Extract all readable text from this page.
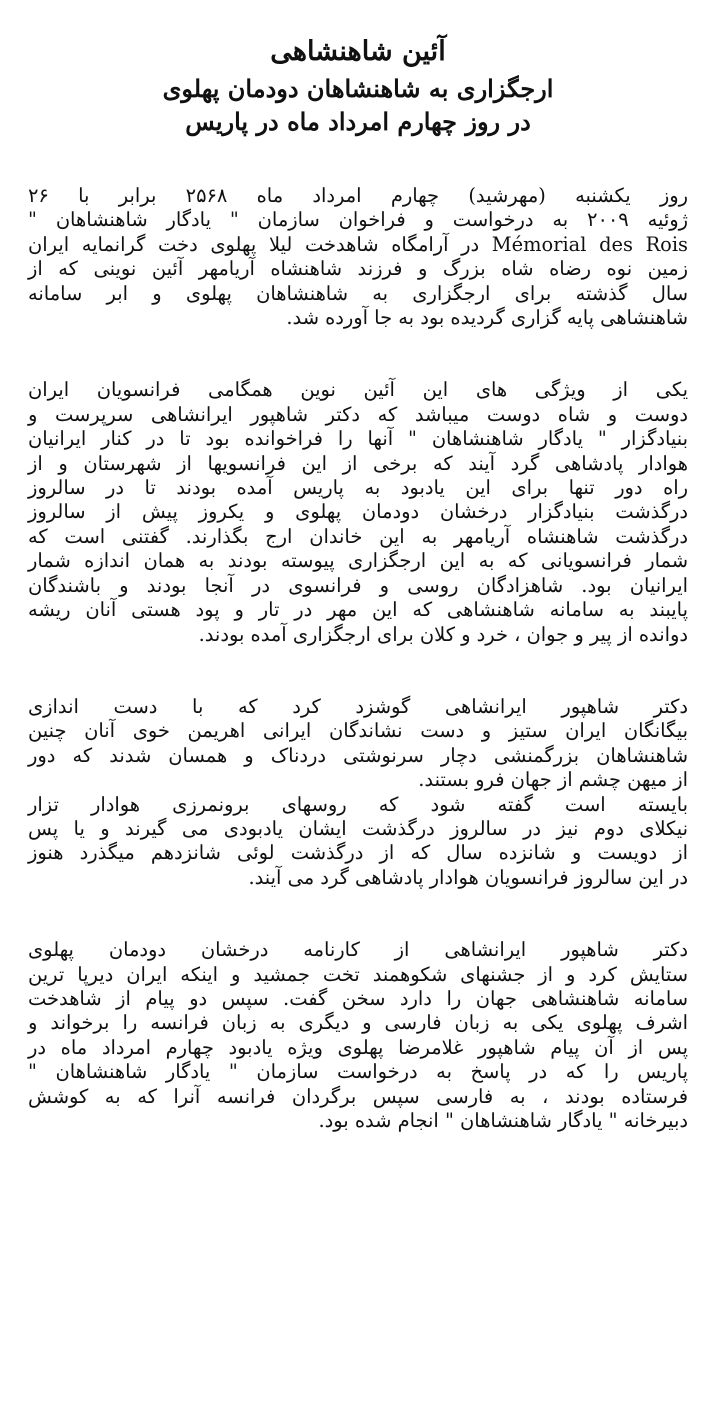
آئین شاهنشاهی
ارجگزاری به شاهنشاهان دودمان پهلوی
در روز چهارم امرداد ماه در پاریس

روز یکشنبه (مهرشید) چهارم امرداد ماه ۲۵۶۸ برابر با ۲۶
ژوئیه ۲۰۰۹ به درخواست و فراخوان سازمان " یادگار شاهنشاهان "
Mémorial des Rois در آرامگاه شاهدخت لیلا پهلوی دخت گرانمایه ایران
زمین نوه رضاه شاه بزرگ و فرزند شاهنشاه آریامهر آئین نوینی که از
سال گذشته برای ارجگزاری به شاهنشاهان پهلوی و ابر سامانه
شاهنشاهی پایه گزاری گردیده بود به جا آورده شد.

یکی از ویژگی های این آئین نوین همگامی فرانسویان ایران
دوست و شاه دوست میباشد که دکتر شاهپور ایرانشاهی سرپرست و
بنیادگزار " یادگار شاهنشاهان " آنها را فراخوانده بود تا در کنار ایرانیان
هوادار پادشاهی گرد آیند که برخی از این فرانسویها از شهرستان و از
راه دور تنها برای این یادبود به پاریس آمده بودند تا در سالروز
درگذشت بنیادگزار درخشان دودمان پهلوی و یکروز پیش از سالروز
درگذشت شاهنشاه آریامهر به این خاندان ارج بگذارند. گفتنی است که
شمار فرانسویانی که به این ارجگزاری پیوسته بودند به همان اندازه شمار
ایرانیان بود. شاهزادگان روسی و فرانسوی در آنجا بودند و باشندگان
پایبند به سامانه شاهنشاهی که این مهر در تار و پود هستی آنان ریشه
دوانده از پیر و جوان ، خرد و کلان برای ارجگزاری آمده بودند.

دکتر شاهپور ایرانشاهی گوشزد کرد که با دست اندازی
بیگانگان ایران ستیز و دست نشاندگان ایرانی اهریمن خوی آنان چنین
شاهنشاهان بزرگمنشی دچار سرنوشتی دردناک و همسان شدند که دور
از میهن چشم از جهان فرو بستند.

بایسته است گفته شود که روسهای برونمرزی هوادار تزار
نیکلای دوم نیز در سالروز درگذشت ایشان یادبودی می گیرند و یا پس
از دویست و شانزده سال که از درگذشت لوئی شانزدهم میگذرد هنوز
در این سالروز فرانسویان هوادار پادشاهی گرد می آیند.

دکتر شاهپور ایرانشاهی از کارنامه درخشان دودمان پهلوی
ستایش کرد و از جشنهای شکوهمند تخت جمشید و اینکه ایران دیرپا ترین
سامانه شاهنشاهی جهان را دارد سخن گفت. سپس دو پیام از شاهدخت
اشرف پهلوی یکی به زبان فارسی و دیگری به زبان فرانسه را برخواند و
پس از آن پیام شاهپور غلامرضا پهلوی ویژه یادبود چهارم امرداد ماه در
پاریس را که در پاسخ به درخواست سازمان " یادگار شاهنشاهان "
فرستاده بودند ، به فارسی سپس برگردان فرانسه آنرا که به کوشش
دبیرخانه " یادگار شاهنشاهان " انجام شده بود.
